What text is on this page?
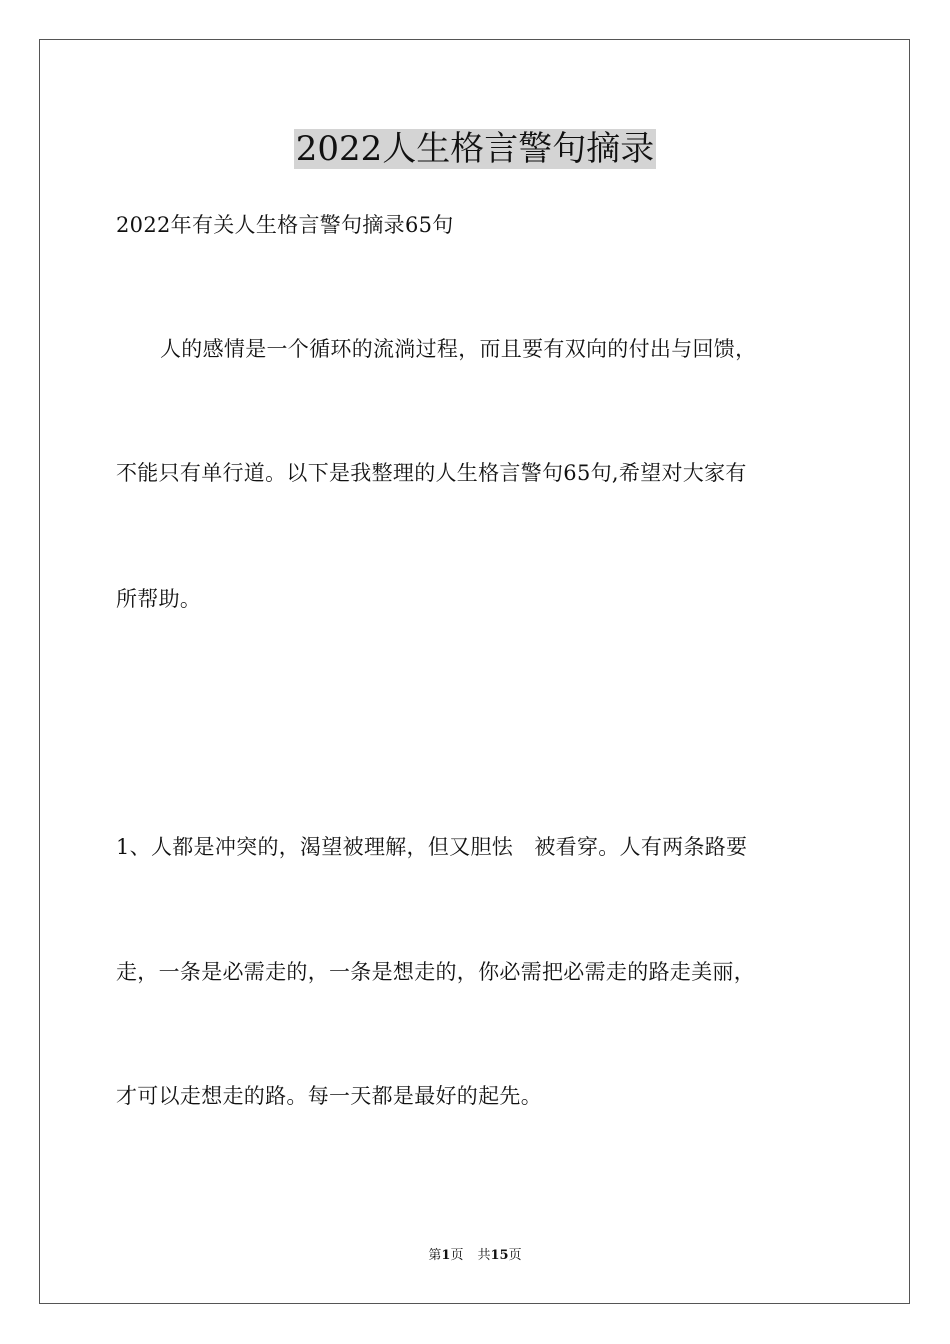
2022人生格言警句摘录
2022年有关人生格言警句摘录65句
人的感情是一个循环的流淌过程，而且要有双向的付出与回馈，
不能只有单行道。以下是我整理的人生格言警句65句,希望对大家有
所帮助。
1、人都是冲突的，渴望被理解，但又胆怯　被看穿。人有两条路要
走，一条是必需走的，一条是想走的，你必需把必需走的路走美丽，
才可以走想走的路。每一天都是最好的起先。
第1页 共15页
